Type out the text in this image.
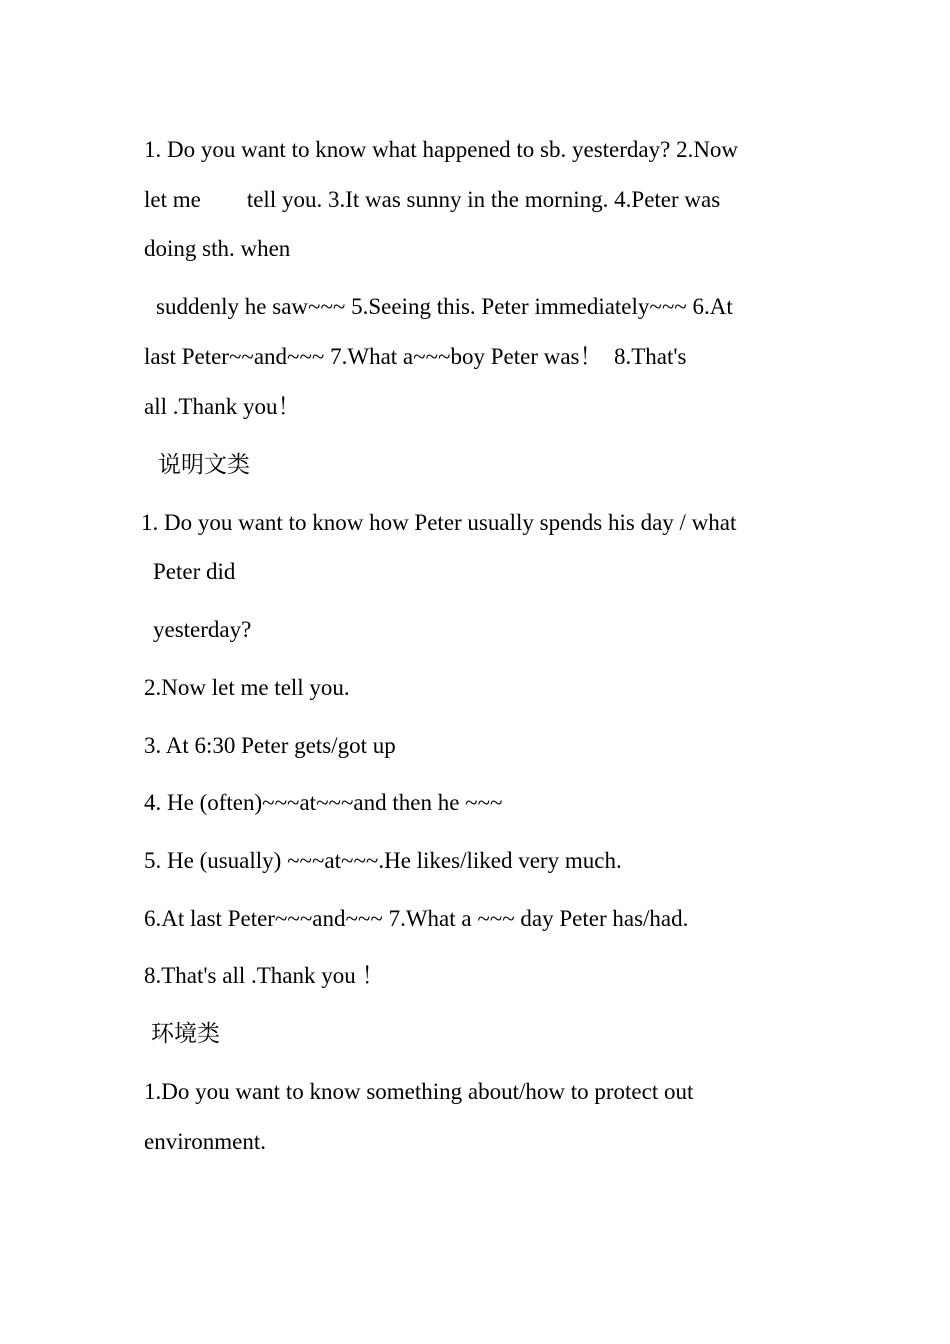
1. Do you want to know what happened to sb. yesterday? 2.Now

let me        tell you. 3.It was sunny in the morning. 4.Peter was

doing sth. when

suddenly he saw~~~ 5.Seeing this. Peter immediately~~~ 6.At

last Peter~~and~~~ 7.What a~~~boy Peter was！  8.That's

all .Thank you！

说明文类

1. Do you want to know how Peter usually spends his day / what

Peter did

yesterday?

2.Now let me tell you.

3. At 6:30 Peter gets/got up

4. He (often)~~~at~~~and then he ~~~

5. He (usually) ~~~at~~~.He likes/liked very much.

6.At last Peter~~~and~~~ 7.What a ~~~ day Peter has/had.

8.That's all .Thank you ！

环境类

1.Do you want to know something about/how to protect out

environment.
